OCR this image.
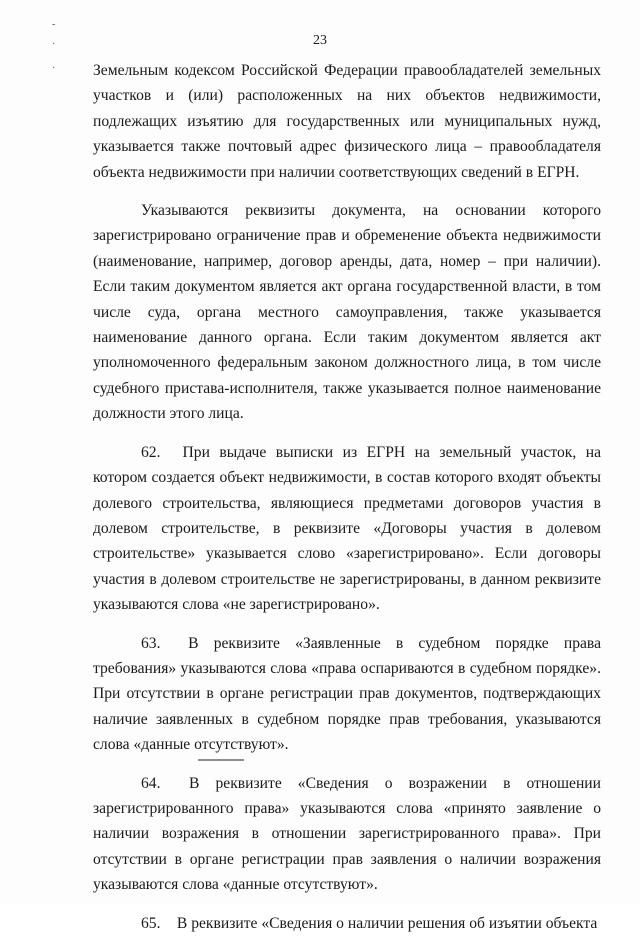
-
·
·
23

Земельным кодексом Российской Федерации правообладателей земельных участков и (или) расположенных на них объектов недвижимости, подлежащих изъятию для государственных или муниципальных нужд, указывается также почтовый адрес физического лица – правообладателя объекта недвижимости при наличии соответствующих сведений в ЕГРН.

Указываются реквизиты документа, на основании которого зарегистрировано ограничение прав и обременение объекта недвижимости (наименование, например, договор аренды, дата, номер – при наличии). Если таким документом является акт органа государственной власти, в том числе суда, органа местного самоуправления, также указывается наименование данного органа. Если таким документом является акт уполномоченного федеральным законом должностного лица, в том числе судебного пристава-исполнителя, также указывается полное наименование должности этого лица.

62. При выдаче выписки из ЕГРН на земельный участок, на котором создается объект недвижимости, в состав которого входят объекты долевого строительства, являющиеся предметами договоров участия в долевом строительстве, в реквизите «Договоры участия в долевом строительстве» указывается слово «зарегистрировано». Если договоры участия в долевом строительстве не зарегистрированы, в данном реквизите указываются слова «не зарегистрировано».

63. В реквизите «Заявленные в судебном порядке права требования» указываются слова «права оспариваются в судебном порядке». При отсутствии в органе регистрации прав документов, подтверждающих наличие заявленных в судебном порядке прав требования, указываются слова «данные отсутствуют».

64. В реквизите «Сведения о возражении в отношении зарегистрированного права» указываются слова «принято заявление о наличии возражения в отношении зарегистрированного права». При отсутствии в органе регистрации прав заявления о наличии возражения указываются слова «данные отсутствуют».

65. В реквизите «Сведения о наличии решения об изъятии объекта
